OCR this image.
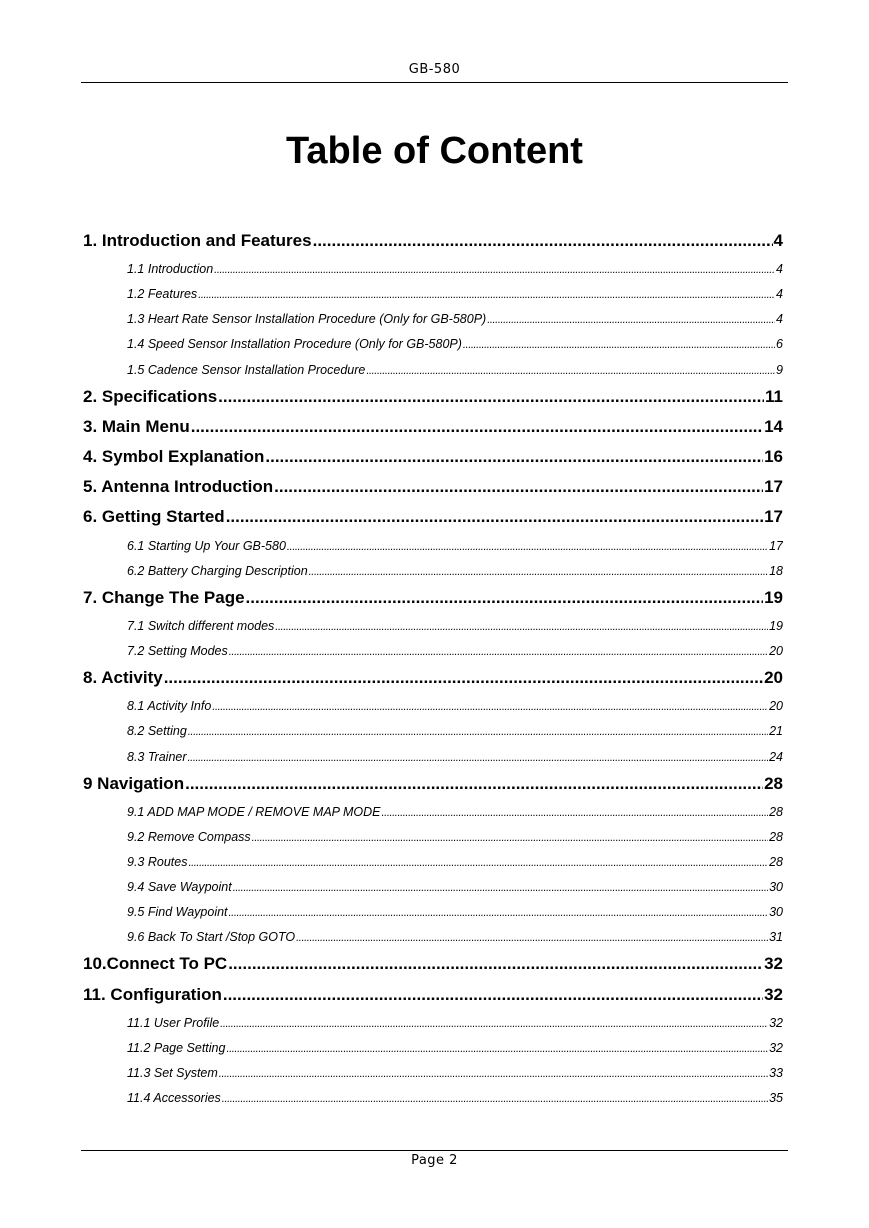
GB-580
Table of Content
1. Introduction and Features .....	4
1.1 Introduction .....	4
1.2 Features .....	4
1.3 Heart Rate Sensor Installation Procedure (Only for GB-580P) .....	4
1.4 Speed Sensor Installation Procedure (Only for GB-580P) .....	6
1.5 Cadence Sensor Installation Procedure .....	9
2. Specifications .....	11
3. Main Menu .....	14
4. Symbol Explanation .....	16
5. Antenna Introduction .....	17
6. Getting Started .....	17
6.1 Starting Up Your GB-580 .....	17
6.2 Battery Charging Description .....	18
7. Change The Page .....	19
7.1 Switch different modes .....	19
7.2 Setting Modes .....	20
8. Activity .....	20
8.1 Activity Info .....	20
8.2 Setting .....	21
8.3 Trainer .....	24
9 Navigation .....	28
9.1 ADD MAP MODE / REMOVE MAP MODE .....	28
9.2 Remove Compass .....	28
9.3 Routes .....	28
9.4 Save Waypoint .....	30
9.5 Find Waypoint .....	30
9.6 Back To Start /Stop GOTO .....	31
10.Connect To PC .....	32
11. Configuration .....	32
11.1 User Profile .....	32
11.2 Page Setting .....	32
11.3 Set System .....	33
11.4 Accessories .....	35
Page 2
